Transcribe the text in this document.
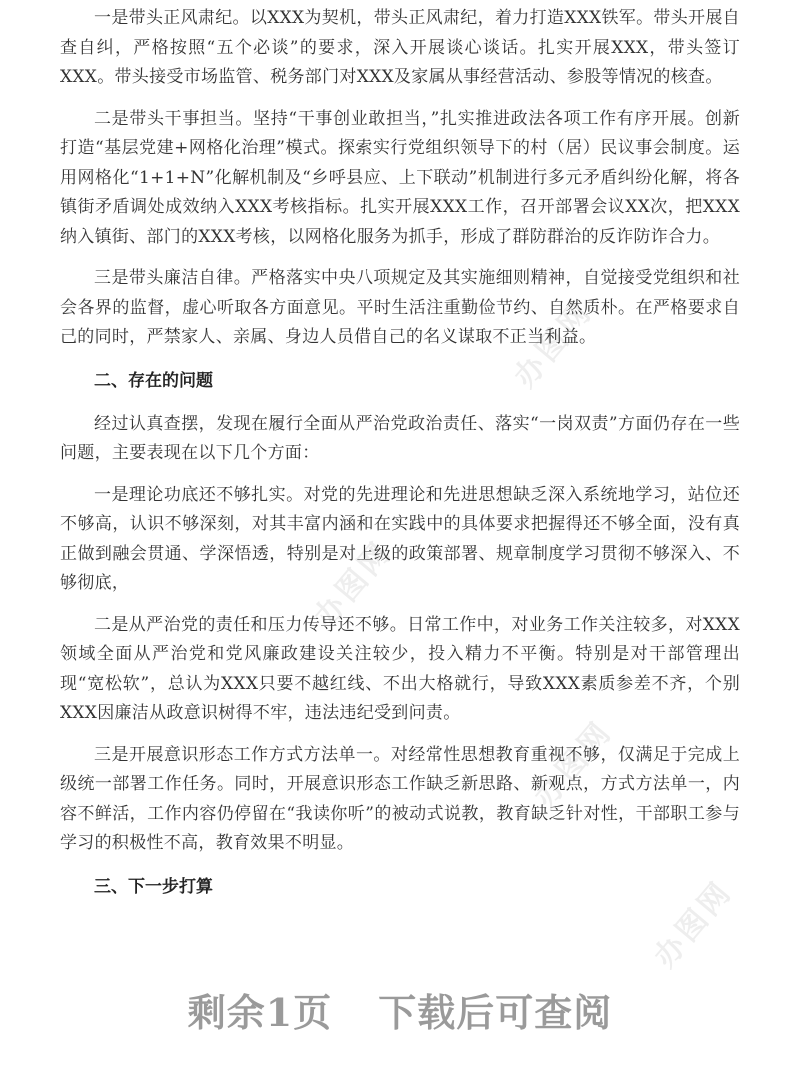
办图网
办图网
办图网
办图网

一是带头正风肃纪。以XXX为契机，带头正风肃纪，着力打造XXX铁军。带头开展自查自纠，严格按照“五个必谈”的要求，深入开展谈心谈话。扎实开展XXX，带头签订XXX。带头接受市场监管、税务部门对XXX及家属从事经营活动、参股等情况的核查。

二是带头干事担当。坚持“干事创业敢担当，”扎实推进政法各项工作有序开展。创新打造“基层党建+网格化治理”模式。探索实行党组织领导下的村（居）民议事会制度。运用网格化“1+1+N”化解机制及“乡呼县应、上下联动”机制进行多元矛盾纠纷化解，将各镇街矛盾调处成效纳入XXX考核指标。扎实开展XXX工作，召开部署会议XX次，把XXX纳入镇街、部门的XXX考核，以网格化服务为抓手，形成了群防群治的反诈防诈合力。

三是带头廉洁自律。严格落实中央八项规定及其实施细则精神，自觉接受党组织和社会各界的监督，虚心听取各方面意见。平时生活注重勤俭节约、自然质朴。在严格要求自己的同时，严禁家人、亲属、身边人员借自己的名义谋取不正当利益。

二、存在的问题

经过认真查摆，发现在履行全面从严治党政治责任、落实“一岗双责”方面仍存在一些问题，主要表现在以下几个方面：

一是理论功底还不够扎实。对党的先进理论和先进思想缺乏深入系统地学习，站位还不够高，认识不够深刻，对其丰富内涵和在实践中的具体要求把握得还不够全面，没有真正做到融会贯通、学深悟透，特别是对上级的政策部署、规章制度学习贯彻不够深入、不够彻底，

二是从严治党的责任和压力传导还不够。日常工作中，对业务工作关注较多，对XXX领域全面从严治党和党风廉政建设关注较少，投入精力不平衡。特别是对干部管理出现“宽松软”，总认为XXX只要不越红线、不出大格就行，导致XXX素质参差不齐，个别XXX因廉洁从政意识树得不牢，违法违纪受到问责。

三是开展意识形态工作方式方法单一。对经常性思想教育重视不够，仅满足于完成上级统一部署工作任务。同时，开展意识形态工作缺乏新思路、新观点，方式方法单一，内容不鲜活，工作内容仍停留在“我读你听”的被动式说教，教育缺乏针对性，干部职工参与学习的积极性不高，教育效果不明显。

三、下一步打算

剩余1页 下载后可查阅
